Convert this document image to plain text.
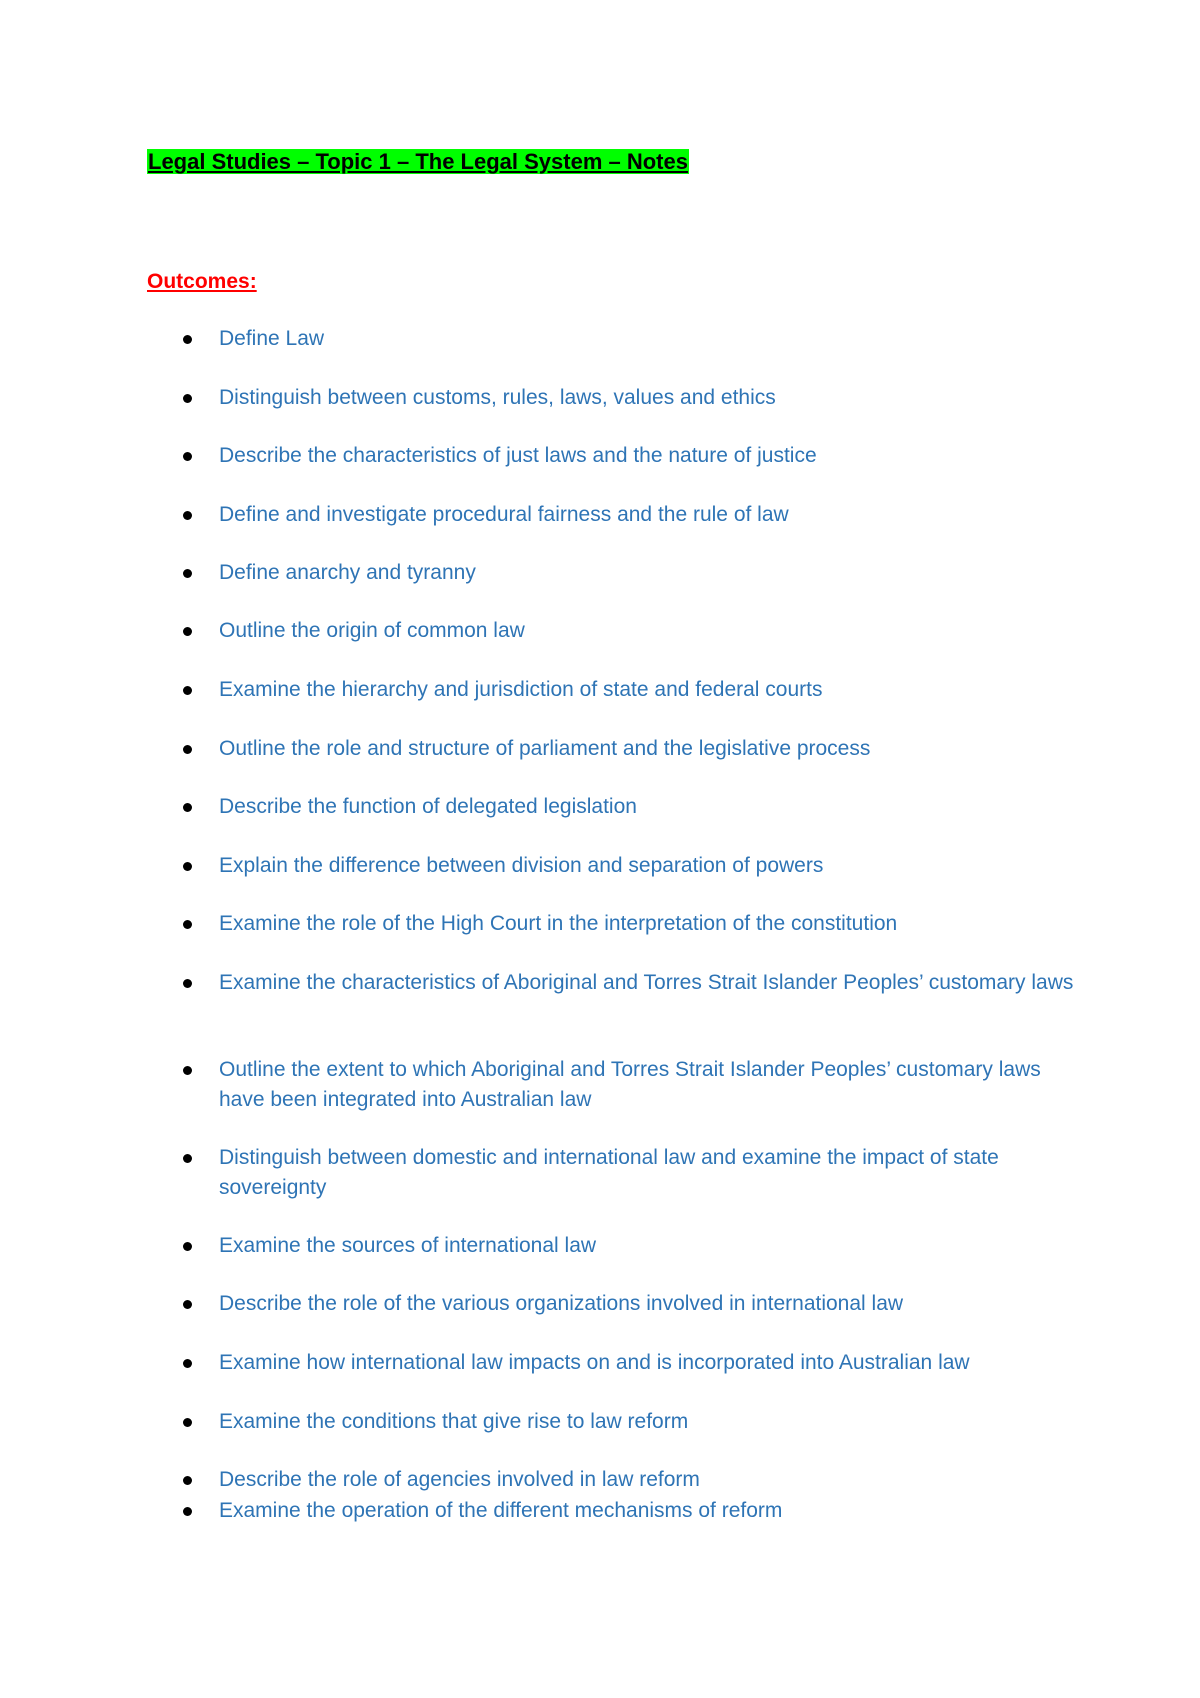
Legal Studies – Topic 1 – The Legal System – Notes
Outcomes:
Define Law
Distinguish between customs, rules, laws, values and ethics
Describe the characteristics of just laws and the nature of justice
Define and investigate procedural fairness and the rule of law
Define anarchy and tyranny
Outline the origin of common law
Examine the hierarchy and jurisdiction of state and federal courts
Outline the role and structure of parliament and the legislative process
Describe the function of delegated legislation
Explain the difference between division and separation of powers
Examine the role of the High Court in the interpretation of the constitution
Examine the characteristics of Aboriginal and Torres Strait Islander Peoples’ customary laws
Outline the extent to which Aboriginal and Torres Strait Islander Peoples’ customary laws have been integrated into Australian law
Distinguish between domestic and international law and examine the impact of state sovereignty
Examine the sources of international law
Describe the role of the various organizations involved in international law
Examine how international law impacts on and is incorporated into Australian law
Examine the conditions that give rise to law reform
Describe the role of agencies involved in law reform
Examine the operation of the different mechanisms of reform
